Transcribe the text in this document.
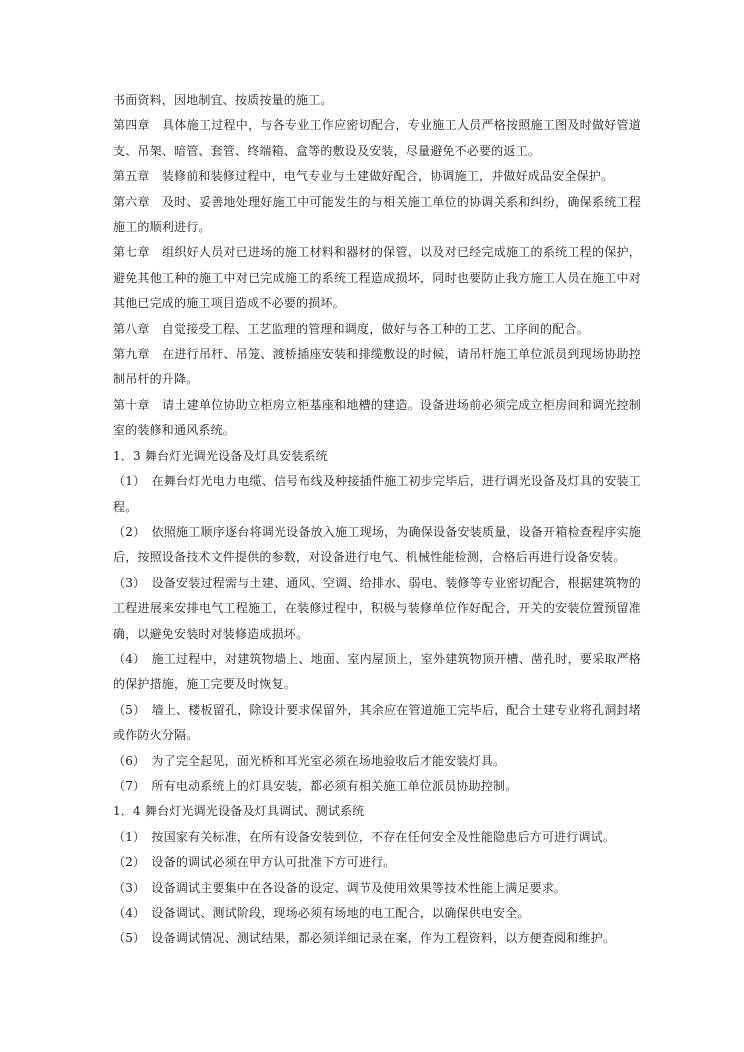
书面资料，因地制宜、按质按量的施工。

第四章　具体施工过程中，与各专业工作应密切配合，专业施工人员严格按照施工图及时做好管道支、吊架、暗管、套管、终端箱、盒等的敷设及安装，尽量避免不必要的返工。

第五章　装修前和装修过程中，电气专业与土建做好配合，协调施工，并做好成品安全保护。

第六章　及时、妥善地处理好施工中可能发生的与相关施工单位的协调关系和纠纷，确保系统工程施工的顺利进行。

第七章　组织好人员对已进场的施工材料和器材的保管，以及对已经完成施工的系统工程的保护，避免其他工种的施工中对已完成施工的系统工程造成损坏，同时也要防止我方施工人员在施工中对其他已完成的施工项目造成不必要的损坏。

第八章　自觉接受工程、工艺监理的管理和调度，做好与各工种的工艺、工序间的配合。

第九章　在进行吊杆、吊笼、渡桥插座安装和排缆敷设的时候，请吊杆施工单位派员到现场协助控制吊杆的升降。

第十章　请土建单位协助立柜房立柜基座和地槽的建造。设备进场前必须完成立柜房间和调光控制室的装修和通风系统。

1．3 舞台灯光调光设备及灯具安装系统

（1）　在舞台灯光电力电缆、信号布线及种接插件施工初步完毕后，进行调光设备及灯具的安装工程。

（2）　依照施工顺序逐台将调光设备放入施工现场，为确保设备安装质量，设备开箱检查程序实施后，按照设备技术文件提供的参数，对设备进行电气、机械性能检测，合格后再进行设备安装。

（3）　设备安装过程需与土建、通风、空调、给排水、弱电、装修等专业密切配合，根据建筑物的工程进展来安排电气工程施工，在装修过程中，积极与装修单位作好配合，开关的安装位置预留准确，以避免安装时对装修造成损坏。

（4）　施工过程中，对建筑物墙上、地面、室内屋顶上，室外建筑物顶开槽、凿孔时，要采取严格的保护措施，施工完要及时恢复。

（5）　墙上、楼板留孔，除设计要求保留外，其余应在管道施工完毕后，配合土建专业将孔洞封堵或作防火分隔。

（6）　为了完全起见，面光桥和耳光室必须在场地验收后才能安装灯具。

（7）　所有电动系统上的灯具安装，都必须有相关施工单位派员协助控制。

1．4 舞台灯光调光设备及灯具调试、测试系统

（1）　按国家有关标准，在所有设备安装到位，不存在任何安全及性能隐患后方可进行调试。

（2）　设备的调试必须在甲方认可批准下方可进行。

（3）　设备调试主要集中在各设备的设定、调节及使用效果等技术性能上满足要求。

（4）　设备调试、测试阶段，现场必须有场地的电工配合，以确保供电安全。

（5）　设备调试情况、测试结果，都必须详细记录在案，作为工程资料，以方便查阅和维护。
